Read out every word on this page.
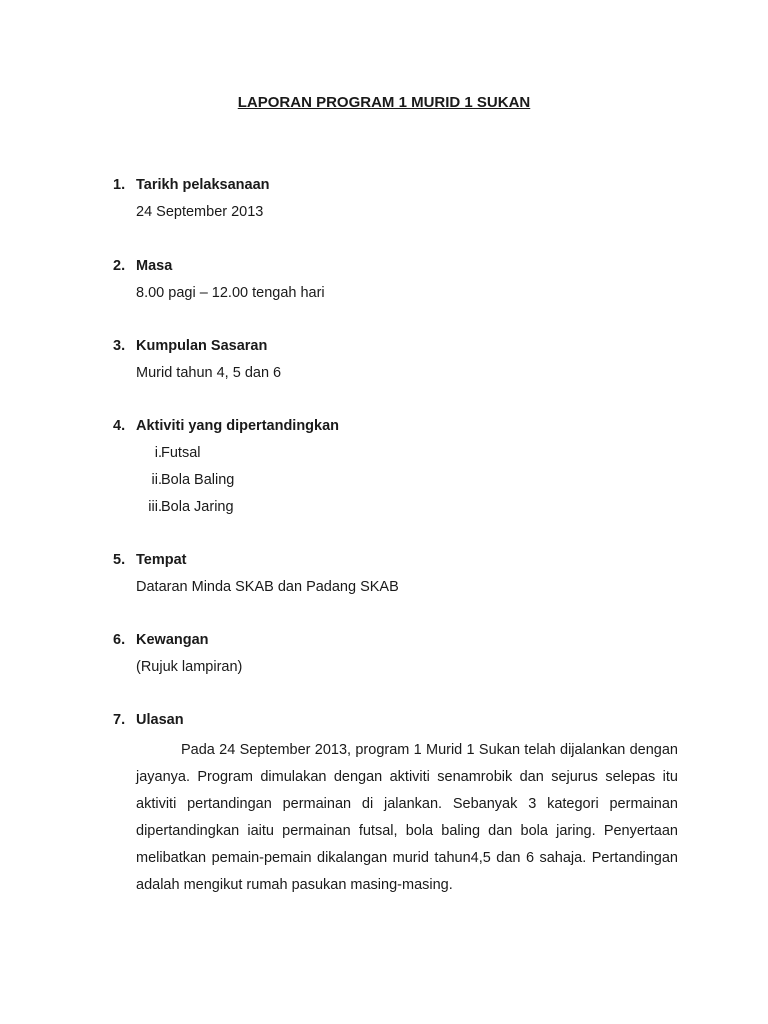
LAPORAN PROGRAM 1 MURID 1 SUKAN
1. Tarikh pelaksanaan
24 September 2013
2. Masa
8.00 pagi – 12.00 tengah hari
3. Kumpulan Sasaran
Murid tahun 4, 5 dan 6
4. Aktiviti yang dipertandingkan
i. Futsal
ii. Bola Baling
iii. Bola Jaring
5. Tempat
Dataran Minda SKAB dan Padang SKAB
6. Kewangan
(Rujuk lampiran)
7. Ulasan

Pada 24 September 2013, program 1 Murid 1 Sukan telah dijalankan dengan jayanya. Program dimulakan dengan aktiviti senamrobik dan sejurus selepas itu aktiviti pertandingan permainan di jalankan. Sebanyak 3 kategori permainan dipertandingkan iaitu permainan futsal, bola baling dan bola jaring. Penyertaan melibatkan pemain-pemain dikalangan murid tahun4,5 dan 6 sahaja. Pertandingan adalah mengikut rumah pasukan masing-masing.
